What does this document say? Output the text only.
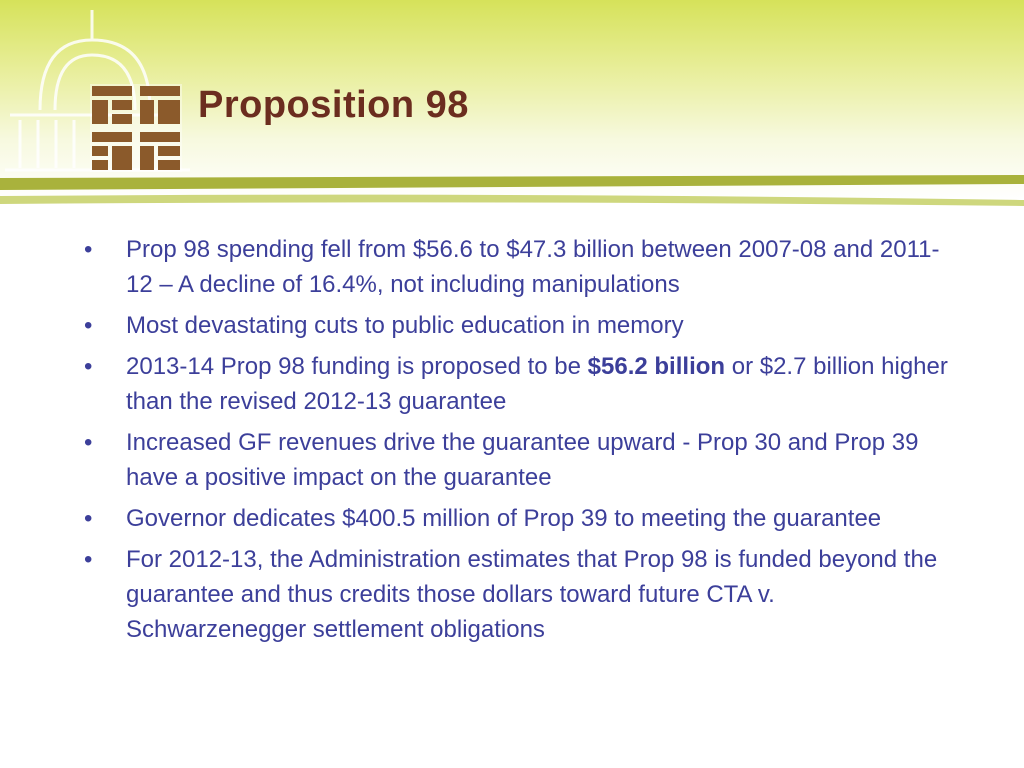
Proposition 98
• Prop 98 spending fell from $56.6 to $47.3 billion between 2007-08 and 2011-12 – A decline of 16.4%, not including manipulations
• Most devastating cuts to public education in memory
• 2013-14 Prop 98 funding is proposed to be $56.2 billion or $2.7 billion higher than the revised 2012-13 guarantee
• Increased GF revenues drive the guarantee upward - Prop 30 and Prop 39 have a positive impact on the guarantee
• Governor dedicates $400.5 million of Prop 39 to meeting the guarantee
• For 2012-13, the Administration estimates that Prop 98 is funded beyond the guarantee and thus credits those dollars toward future CTA v. Schwarzenegger settlement obligations
